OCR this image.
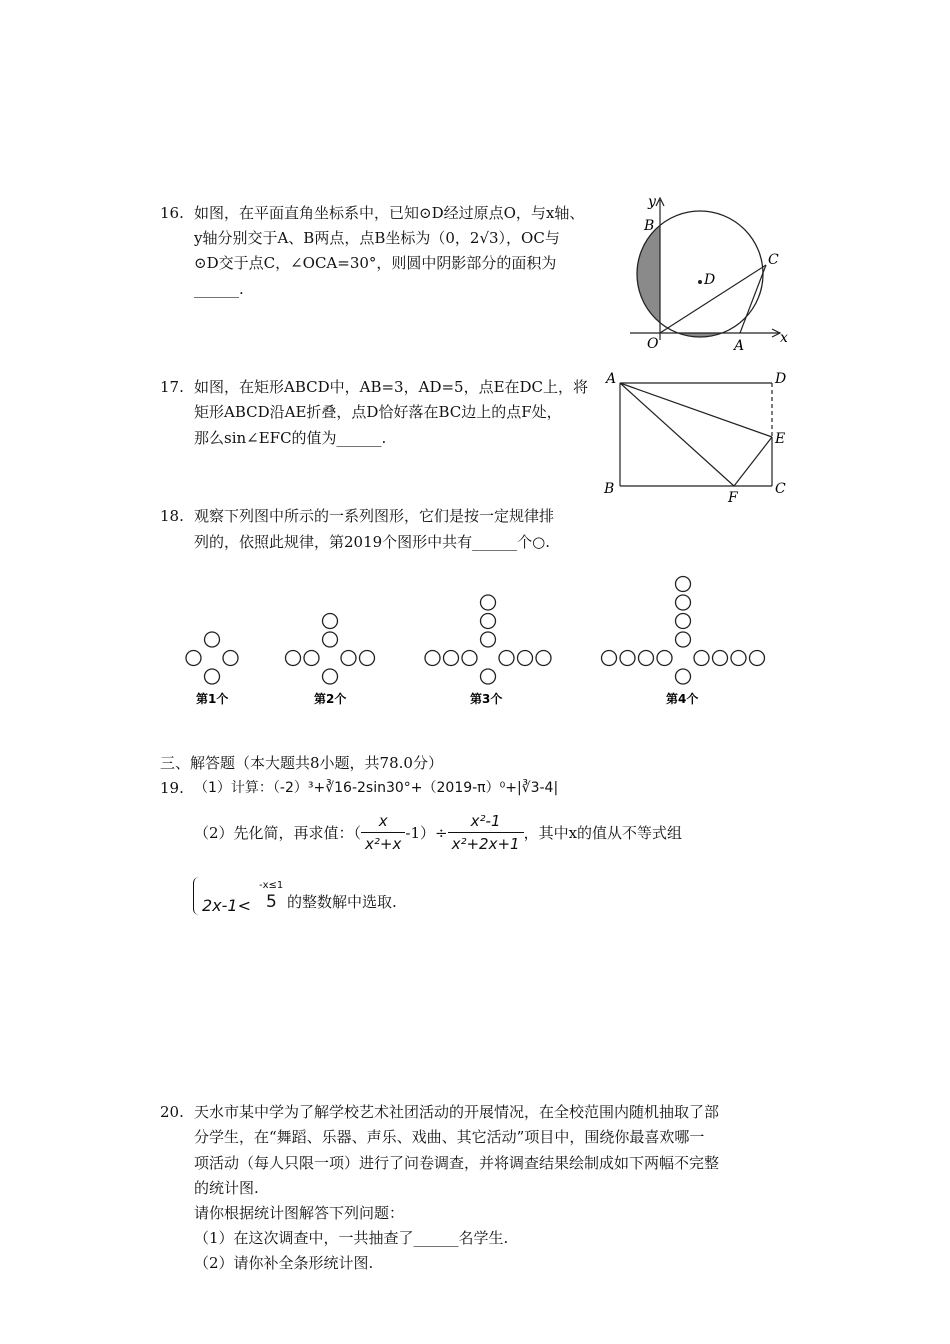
16. 如图，在平面直角坐标系中，已知⊙D经过原点O，与x轴、
y轴分别交于A、B两点，点B坐标为（0，2√3），OC与
⊙D交于点C，∠OCA=30°，则圆中阴影部分的面积为
______.
y
x
B
C
D
O	A
17. 如图，在矩形ABCD中，AB=3，AD=5，点E在DC上，将
矩形ABCD沿AE折叠，点D恰好落在BC边上的点F处，
那么sin∠EFC的值为______.
A	D
E
B
F
C
18. 观察下列图中所示的一系列图形，它们是按一定规律排
列的，依照此规律，第2019个图形中共有______个○.
第1个	第2个	第3个	第4个
三、解答题（本大题共8小题，共78.0分）
19. （1）计算：（-2）³+∛16-2sin30°+（2019-π）⁰+|∛3-4|
（2）先化简，再求值：（ $\frac{x}{\text{x²+x}} -1)\div \frac{\text{x²-1}}{\text{x²+2x+1}}$ ，其中x的值从不等式组
-x≤1
2x-1< 5 的整数解中选取.
20. 天水市某中学为了解学校艺术社团活动的开展情况，在全校范围内随机抽取了部
分学生，在“舞蹈、乐器、声乐、戏曲、其它活动”项目中，围绕你最喜欢哪一
项活动（每人只限一项）进行了问卷调查，并将调查结果绘制成如下两幅不完整
的统计图.
请你根据统计图解答下列问题：
（1）在这次调查中，一共抽查了______名学生.
（2）请你补全条形统计图.
